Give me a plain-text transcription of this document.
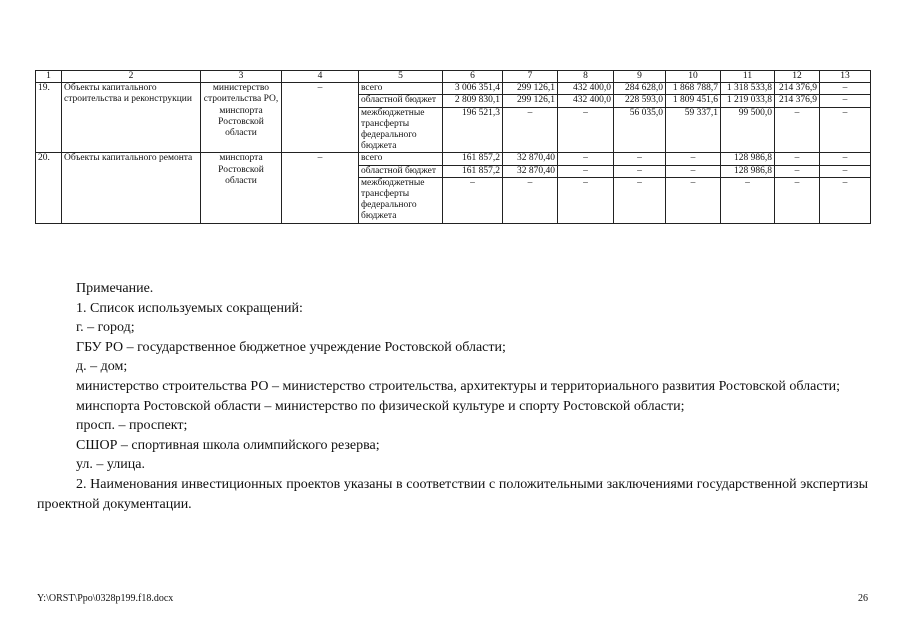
1	2	3	4	5	6	7	8	9	10	11	12	13
19.	Объекты капитального строительства и реконструкции	министерство строительства РО, минспорта Ростовской области	–	всего	3 006 351,4	299 126,1	432 400,0	284 628,0	1 868 788,7	1 318 533,8	214 376,9	–
				областной бюджет	2 809 830,1	299 126,1	432 400,0	228 593,0	1 809 451,6	1 219 033,8	214 376,9	–
				межбюджетные трансферты федерального бюджета	196 521,3	–	–	56 035,0	59 337,1	99 500,0	–	–
20.	Объекты капитального ремонта	минспорта Ростовской области	–	всего	161 857,2	32 870,40	–	–	–	128 986,8	–	–
				областной бюджет	161 857,2	32 870,40	–	–	–	128 986,8	–	–
				межбюджетные трансферты федерального бюджета	–	–	–	–	–	–	–	–

Примечание.

1. Список используемых сокращений:

г. – город;

ГБУ РО – государственное бюджетное учреждение Ростовской области;

д. – дом;

министерство строительства РО – министерство строительства, архитектуры и территориального развития Ростовской области;

минспорта Ростовской области – министерство по физической культуре и спорту Ростовской области;

просп. – проспект;

СШОР – спортивная школа олимпийского резерва;

ул. – улица.

2. Наименования инвестиционных проектов указаны в соответствии с положительными заключениями государственной экспертизы проектной документации.

Y:\ORST\Ppo\0328p199.f18.docx	26
